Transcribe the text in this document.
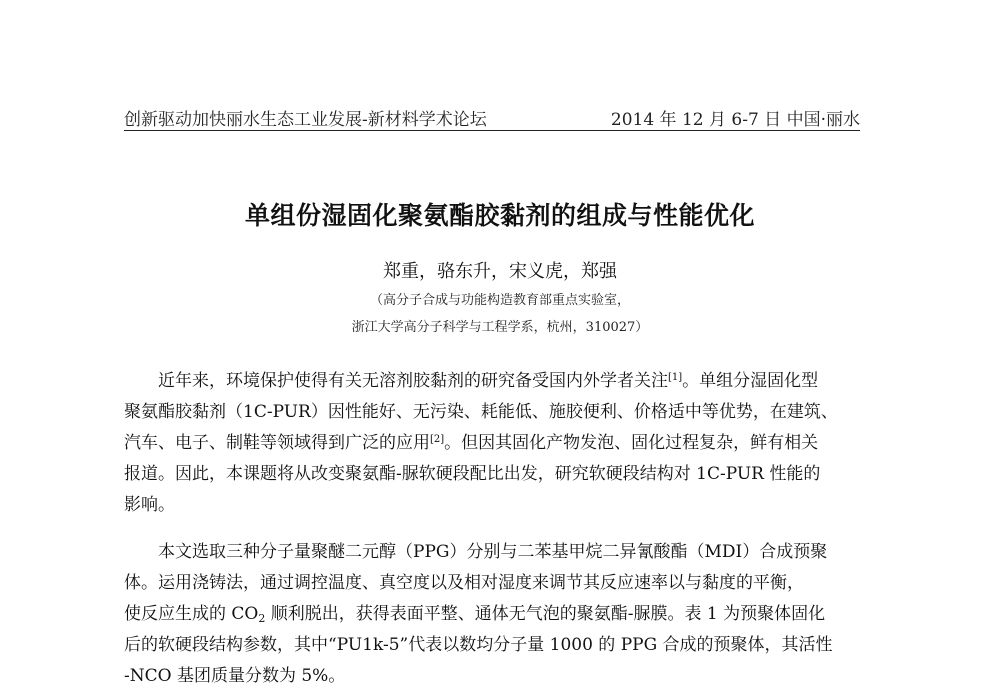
创新驱动加快丽水生态工业发展-新材料学术论坛	2014 年 12 月 6-7 日 中国·丽水
单组份湿固化聚氨酯胶黏剂的组成与性能优化
郑重，骆东升，宋义虎，郑强
（高分子合成与功能构造教育部重点实验室，
浙江大学高分子科学与工程学系，杭州，310027）
近年来，环境保护使得有关无溶剂胶黏剂的研究备受国内外学者关注[1]。单组分湿固化型
聚氨酯胶黏剂（1C-PUR）因性能好、无污染、耗能低、施胶便利、价格适中等优势，在建筑、
汽车、电子、制鞋等领域得到广泛的应用[2]。但因其固化产物发泡、固化过程复杂，鲜有相关
报道。因此，本课题将从改变聚氨酯-脲软硬段配比出发，研究软硬段结构对 1C-PUR 性能的
影响。
本文选取三种分子量聚醚二元醇（PPG）分别与二苯基甲烷二异氰酸酯（MDI）合成预聚
体。运用浇铸法，通过调控温度、真空度以及相对湿度来调节其反应速率以与黏度的平衡，
使反应生成的 $CO_2$ 顺利脱出，获得表面平整、通体无气泡的聚氨酯-脲膜。表 1 为预聚体固化
后的软硬段结构参数，其中“PU1k-5”代表以数均分子量 1000 的 PPG 合成的预聚体，其活性
-NCO 基团质量分数为 5%。
